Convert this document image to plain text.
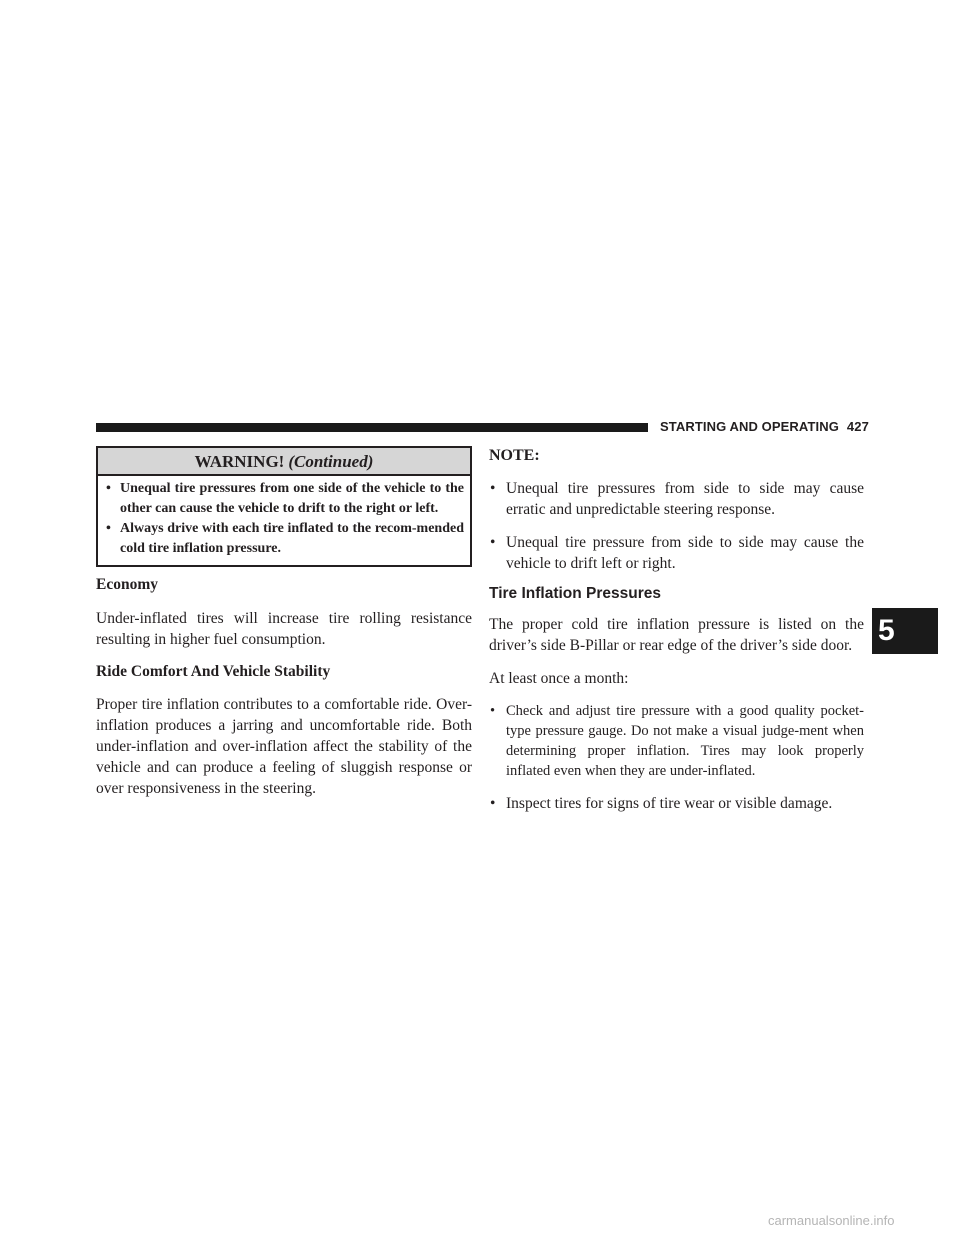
STARTING AND OPERATING 427
WARNING! (Continued)
• Unequal tire pressures from one side of the vehicle to the other can cause the vehicle to drift to the right or left.
• Always drive with each tire inflated to the recom-mended cold tire inflation pressure.

Economy

Under-inflated tires will increase tire rolling resistance resulting in higher fuel consumption.

Ride Comfort And Vehicle Stability

Proper tire inflation contributes to a comfortable ride. Over-inflation produces a jarring and uncomfortable ride. Both under-inflation and over-inflation affect the stability of the vehicle and can produce a feeling of sluggish response or over responsiveness in the steering.

NOTE:

• Unequal tire pressures from side to side may cause erratic and unpredictable steering response.
• Unequal tire pressure from side to side may cause the vehicle to drift left or right.

Tire Inflation Pressures

The proper cold tire inflation pressure is listed on the driver’s side B-Pillar or rear edge of the driver’s side door.

At least once a month:

• Check and adjust tire pressure with a good quality pocket-type pressure gauge. Do not make a visual judge-ment when determining proper inflation. Tires may look properly inflated even when they are under-inflated.
• Inspect tires for signs of tire wear or visible damage.
5
carmanualsonline.info
